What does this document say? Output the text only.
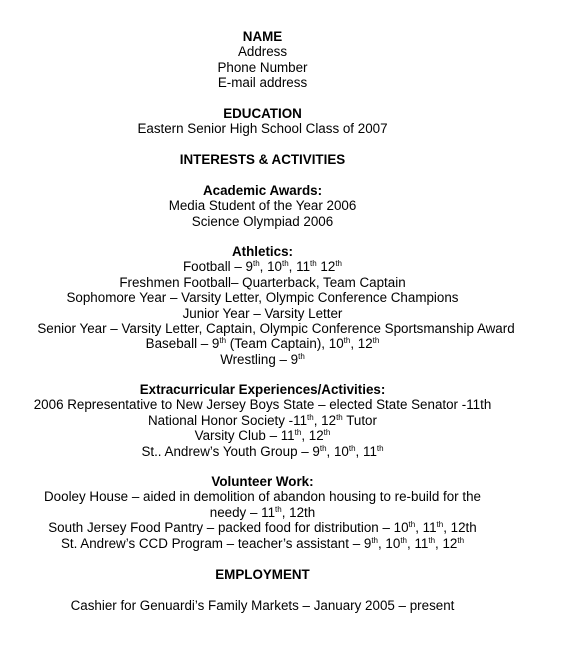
NAME
Address
Phone Number
E-mail address
EDUCATION
Eastern Senior High School Class of 2007
INTERESTS & ACTIVITIES
Academic Awards:
Media Student of the Year 2006
Science Olympiad 2006
Athletics:
Football – 9th, 10th, 11th 12th
Freshmen Football– Quarterback, Team Captain
Sophomore Year – Varsity Letter, Olympic Conference Champions
Junior Year – Varsity Letter
Senior Year – Varsity Letter, Captain, Olympic Conference Sportsmanship Award
Baseball – 9th (Team Captain), 10th, 12th
Wrestling – 9th
Extracurricular Experiences/Activities:
2006 Representative to New Jersey Boys State – elected State Senator -11th
National Honor Society -11th, 12th Tutor
Varsity Club – 11th, 12th
St.. Andrew’s Youth Group – 9th, 10th, 11th
Volunteer Work:
Dooley House – aided in demolition of abandon housing to re-build for the
needy – 11th, 12th
South Jersey Food Pantry – packed food for distribution – 10th, 11th, 12th
St. Andrew’s CCD Program – teacher’s assistant – 9th, 10th, 11th, 12th
EMPLOYMENT
Cashier for Genuardi’s Family Markets – January 2005 – present
